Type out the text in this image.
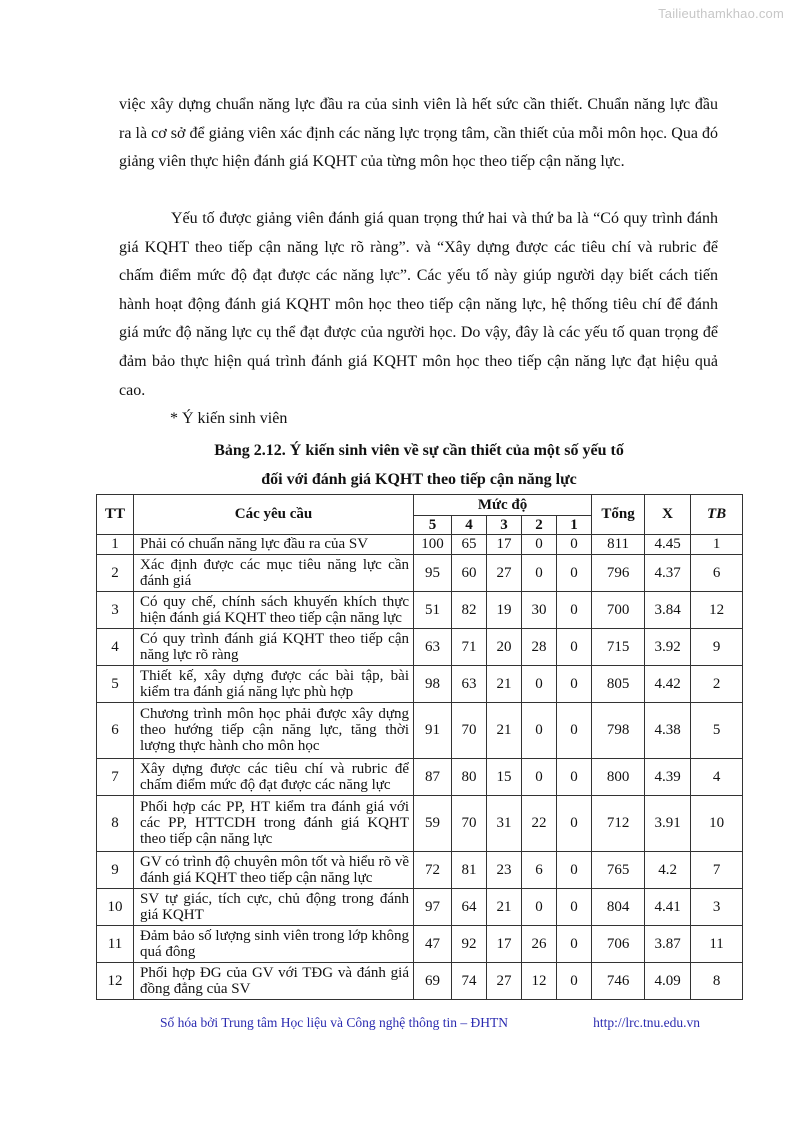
Tailieuthamkhao.com

việc xây dựng chuẩn năng lực đầu ra của sinh viên là hết sức cần thiết. Chuẩn năng lực đầu ra là cơ sở để giảng viên xác định các năng lực trọng tâm, cần thiết của mỗi môn học. Qua đó giảng viên thực hiện đánh giá KQHT của từng môn học theo tiếp cận năng lực.

Yếu tố được giảng viên đánh giá quan trọng thứ hai và thứ ba là “Có quy trình đánh giá KQHT theo tiếp cận năng lực rõ ràng”. và “Xây dựng được các tiêu chí và rubric để chấm điểm mức độ đạt được các năng lực”. Các yếu tố này giúp người dạy biết cách tiến hành hoạt động đánh giá KQHT môn học theo tiếp cận năng lực, hệ thống tiêu chí để đánh giá mức độ năng lực cụ thể đạt được của người học. Do vậy, đây là các yếu tố quan trọng để đảm bảo thực hiện quá trình đánh giá KQHT môn học theo tiếp cận năng lực đạt hiệu quả cao.

* Ý kiến sinh viên

Bảng 2.12. Ý kiến sinh viên về sự cần thiết của một số yếu tố
đối với đánh giá KQHT theo tiếp cận năng lực
TT	Các yêu cầu	Mức độ					Tổng	X	TB
		5	4	3	2	1			
1	Phải có chuẩn năng lực đầu ra của SV	100	65	17	0	0	811	4.45	1
2	Xác định được các mục tiêu năng lực cần đánh giá	95	60	27	0	0	796	4.37	6
3	Có quy chế, chính sách khuyến khích thực hiện đánh giá KQHT theo tiếp cận năng lực	51	82	19	30	0	700	3.84	12
4	Có quy trình đánh giá KQHT theo tiếp cận năng lực rõ ràng	63	71	20	28	0	715	3.92	9
5	Thiết kế, xây dựng được các bài tập, bài kiểm tra đánh giá năng lực phù hợp	98	63	21	0	0	805	4.42	2
6	Chương trình môn học phải được xây dựng theo hướng tiếp cận năng lực, tăng thời lượng thực hành cho môn học	91	70	21	0	0	798	4.38	5
7	Xây dựng được các tiêu chí và rubric để chấm điểm mức độ đạt được các năng lực	87	80	15	0	0	800	4.39	4
8	Phối hợp các PP, HT kiểm tra đánh giá với các PP, HTTCDH trong đánh giá KQHT theo tiếp cận năng lực	59	70	31	22	0	712	3.91	10
9	GV có trình độ chuyên môn tốt và hiểu rõ về đánh giá KQHT theo tiếp cận năng lực	72	81	23	6	0	765	4.2	7
10	SV tự giác, tích cực, chủ động trong đánh giá KQHT	97	64	21	0	0	804	4.41	3
11	Đảm bảo số lượng sinh viên trong lớp không quá đông	47	92	17	26	0	706	3.87	11
12	Phối hợp ĐG của GV với TĐG và đánh giá đồng đẳng của SV	69	74	27	12	0	746	4.09	8
Số hóa bởi Trung tâm Học liệu và Công nghệ thông tin – ĐHTN	http://lrc.tnu.edu.vn
